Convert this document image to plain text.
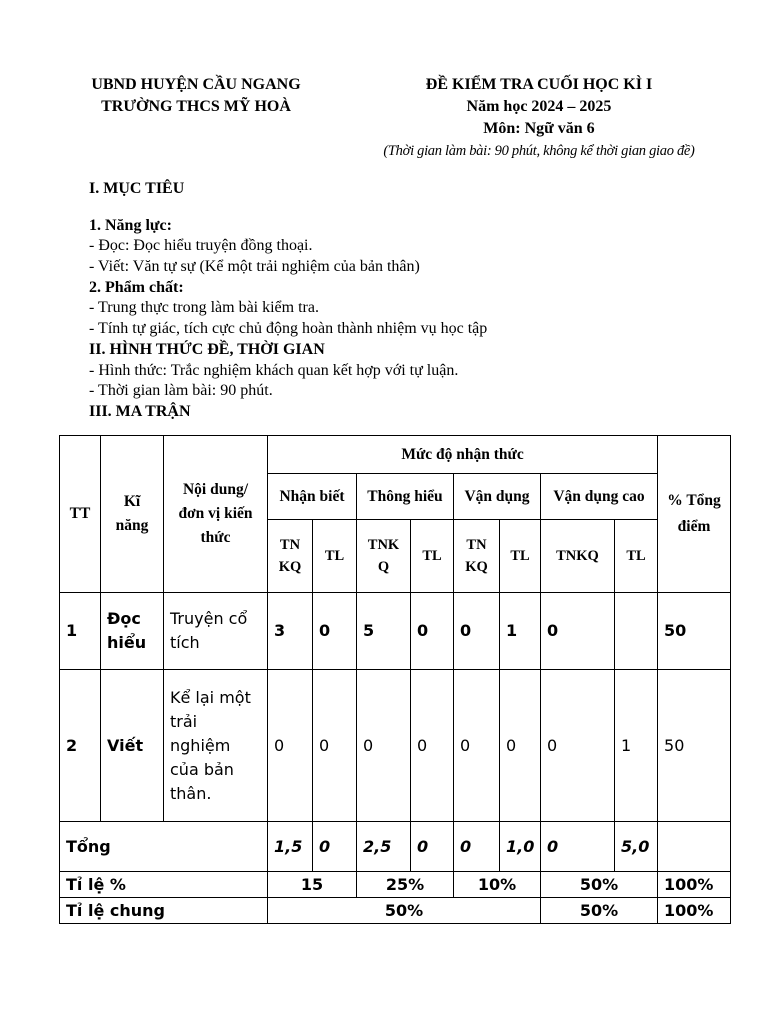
UBND HUYỆN CẦU NGANG
TRƯỜNG THCS MỸ HOÀ
ĐỀ KIỂM TRA CUỐI HỌC KÌ I
Năm học 2024 – 2025
Môn: Ngữ văn 6
(Thời gian làm bài: 90 phút, không kể thời gian giao đề)
I. MỤC TIÊU
1. Năng lực:
- Đọc: Đọc hiểu truyện đồng thoại.
- Viết: Văn tự sự (Kể một trải nghiệm của bản thân)
2. Phẩm chất:
- Trung thực trong làm bài kiểm tra.
- Tính tự giác, tích cực chủ động hoàn thành nhiệm vụ học tập
II. HÌNH THỨC ĐỀ, THỜI GIAN
- Hình thức: Trắc nghiệm khách quan kết hợp với tự luận.
- Thời gian làm bài: 90 phút.
III. MA TRẬN
TT	Kĩ năng	Nội dung/ đơn vị kiến thức	Mức độ nhận thức								% Tổng điểm
			Nhận biết		Thông hiểu		Vận dụng		Vận dụng cao		
			TN KQ	TL	TNK Q	TL	TN KQ	TL	TNKQ	TL	
1	Đọc hiểu	Truyện cổ tích	3	0	5	0	0	1	0		50
2	Viết	Kể lại một trải nghiệm của bản thân.	0	0	0	0	0	0	0	1	50
Tổng			1,5	0	2,5	0	0	1,0	0	5,0	
Tỉ lệ %			15		25%		10%		50%		100%
Tỉ lệ chung			50%						50%		100%
